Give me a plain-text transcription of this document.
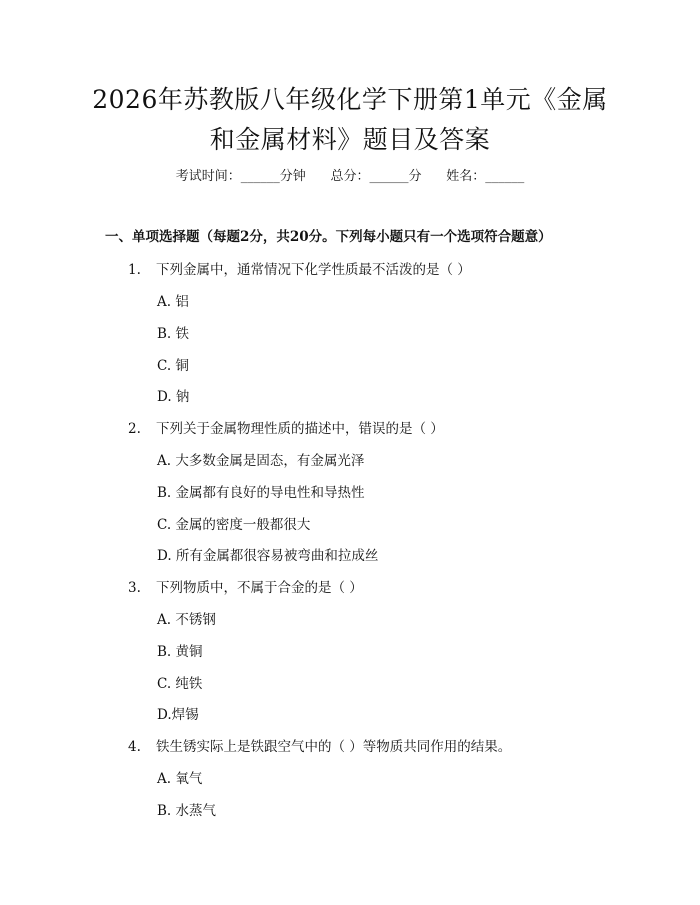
2026年苏教版八年级化学下册第1单元《金属和金属材料》题目及答案
考试时间：______分钟      总分：______分      姓名：______
一、单项选择题（每题2分，共20分。下列每小题只有一个选项符合题意）
1. 下列金属中，通常情况下化学性质最不活泼的是（ ）
A. 铝
B. 铁
C. 铜
D. 钠
2. 下列关于金属物理性质的描述中，错误的是（ ）
A. 大多数金属是固态，有金属光泽
B. 金属都有良好的导电性和导热性
C. 金属的密度一般都很大
D. 所有金属都很容易被弯曲和拉成丝
3. 下列物质中，不属于合金的是（ ）
A. 不锈钢
B. 黄铜
C. 纯铁
D.焊锡
4. 铁生锈实际上是铁跟空气中的（ ）等物质共同作用的结果。
A. 氧气
B. 水蒸气
